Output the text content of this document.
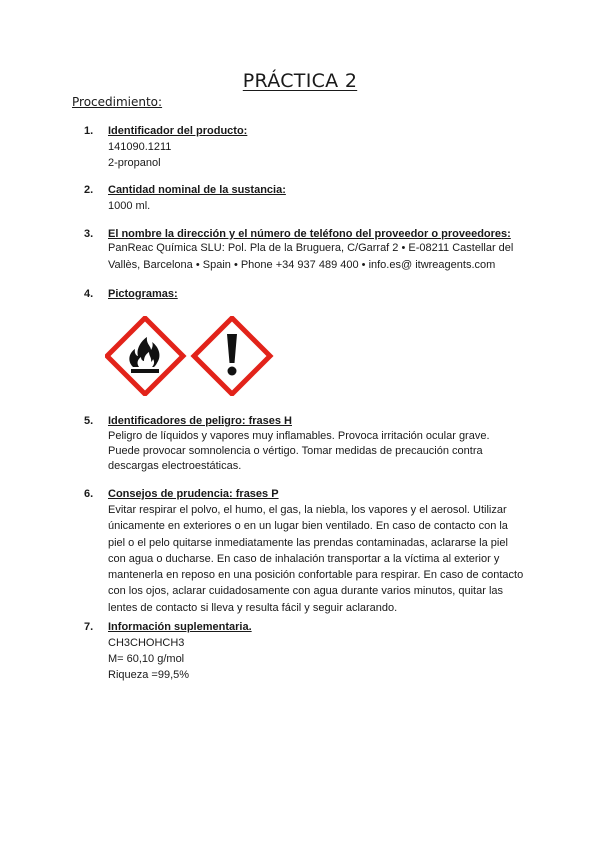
PRÁCTICA 2

Procedimiento:

1. Identificador del producto:
141090.1211
2-propanol
2. Cantidad nominal de la sustancia:
1000 ml.
3. El nombre la dirección y el número de teléfono del proveedor o proveedores:
PanReac Química SLU: Pol. Pla de la Bruguera, C/Garraf 2 • E-08211 Castellar del
Vallès, Barcelona • Spain • Phone +34 937 489 400 • info.es@ itwreagents.com
4. Pictogramas:
5. Identificadores de peligro: frases H
Peligro de líquidos y vapores muy inflamables. Provoca irritación ocular grave.
Puede provocar somnolencia o vértigo. Tomar medidas de precaución contra
descargas electroestáticas.
6. Consejos de prudencia: frases P
Evitar respirar el polvo, el humo, el gas, la niebla, los vapores y el aerosol. Utilizar
únicamente en exteriores o en un lugar bien ventilado. En caso de contacto con la
piel o el pelo quitarse inmediatamente las prendas contaminadas, aclararse la piel
con agua o ducharse. En caso de inhalación transportar a la víctima al exterior y
mantenerla en reposo en una posición confortable para respirar. En caso de contacto
con los ojos, aclarar cuidadosamente con agua durante varios minutos, quitar las
lentes de contacto si lleva y resulta fácil y seguir aclarando.
7. Información suplementaria.
CH3CHOHCH3
M= 60,10 g/mol
Riqueza =99,5%
